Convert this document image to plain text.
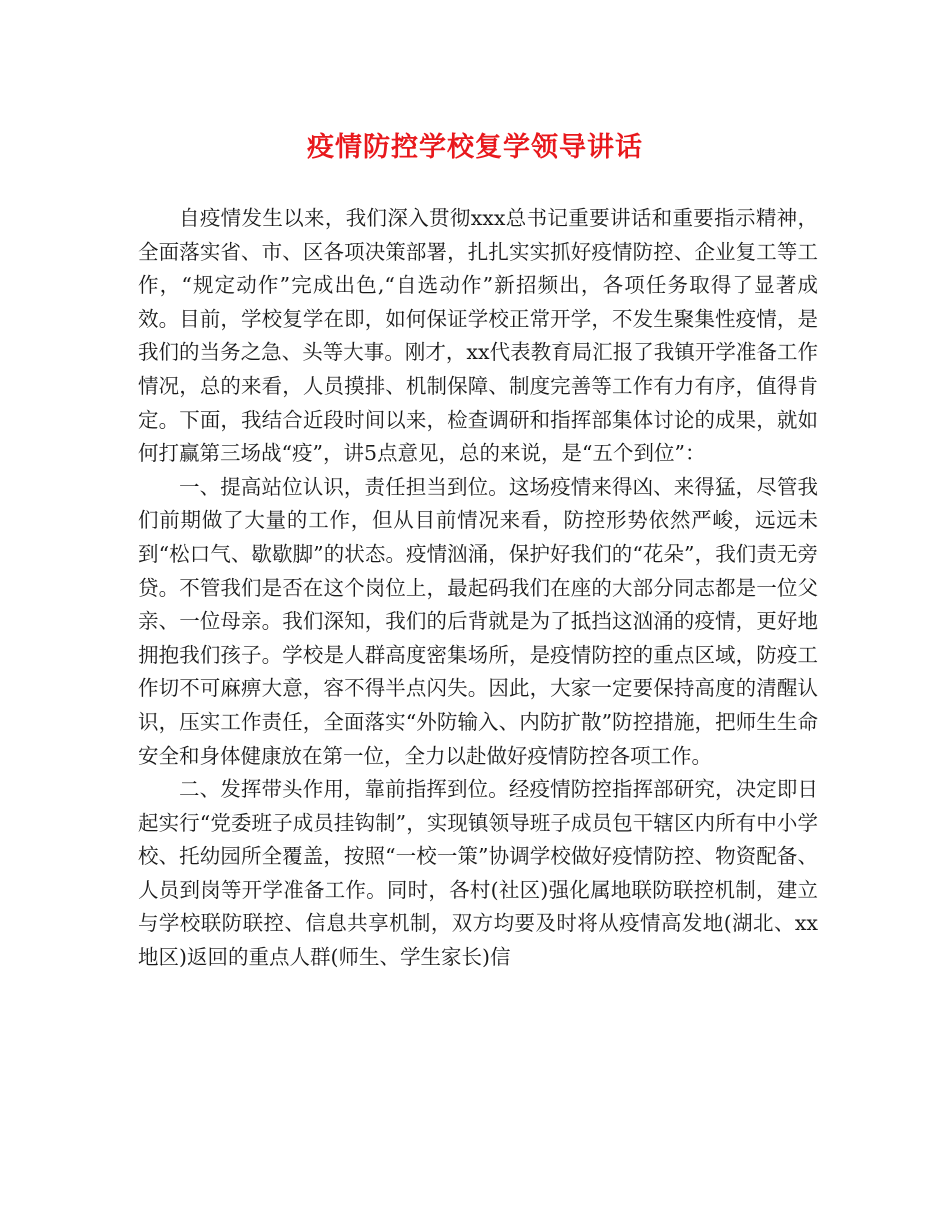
疫情防控学校复学领导讲话

自疫情发生以来，我们深入贯彻xxx总书记重要讲话和重要指示精神，全面落实省、市、区各项决策部署，扎扎实实抓好疫情防控、企业复工等工作，“规定动作”完成出色,“自选动作”新招频出，各项任务取得了显著成效。目前，学校复学在即，如何保证学校正常开学，不发生聚集性疫情，是我们的当务之急、头等大事。刚才，xx代表教育局汇报了我镇开学准备工作情况，总的来看，人员摸排、机制保障、制度完善等工作有力有序，值得肯定。下面，我结合近段时间以来，检查调研和指挥部集体讨论的成果，就如何打赢第三场战“疫”，讲5点意见，总的来说，是“五个到位”：

一、提高站位认识，责任担当到位。这场疫情来得凶、来得猛，尽管我们前期做了大量的工作，但从目前情况来看，防控形势依然严峻，远远未到“松口气、歇歇脚”的状态。疫情汹涌，保护好我们的“花朵”，我们责无旁贷。不管我们是否在这个岗位上，最起码我们在座的大部分同志都是一位父亲、一位母亲。我们深知，我们的后背就是为了抵挡这汹涌的疫情，更好地拥抱我们孩子。学校是人群高度密集场所，是疫情防控的重点区域，防疫工作切不可麻痹大意，容不得半点闪失。因此，大家一定要保持高度的清醒认识，压实工作责任，全面落实“外防输入、内防扩散”防控措施，把师生生命安全和身体健康放在第一位，全力以赴做好疫情防控各项工作。

二、发挥带头作用，靠前指挥到位。经疫情防控指挥部研究，决定即日起实行“党委班子成员挂钩制”，实现镇领导班子成员包干辖区内所有中小学校、托幼园所全覆盖，按照“一校一策”协调学校做好疫情防控、物资配备、人员到岗等开学准备工作。同时，各村(社区)强化属地联防联控机制，建立与学校联防联控、信息共享机制，双方均要及时将从疫情高发地(湖北、xx地区)返回的重点人群(师生、学生家长)信
